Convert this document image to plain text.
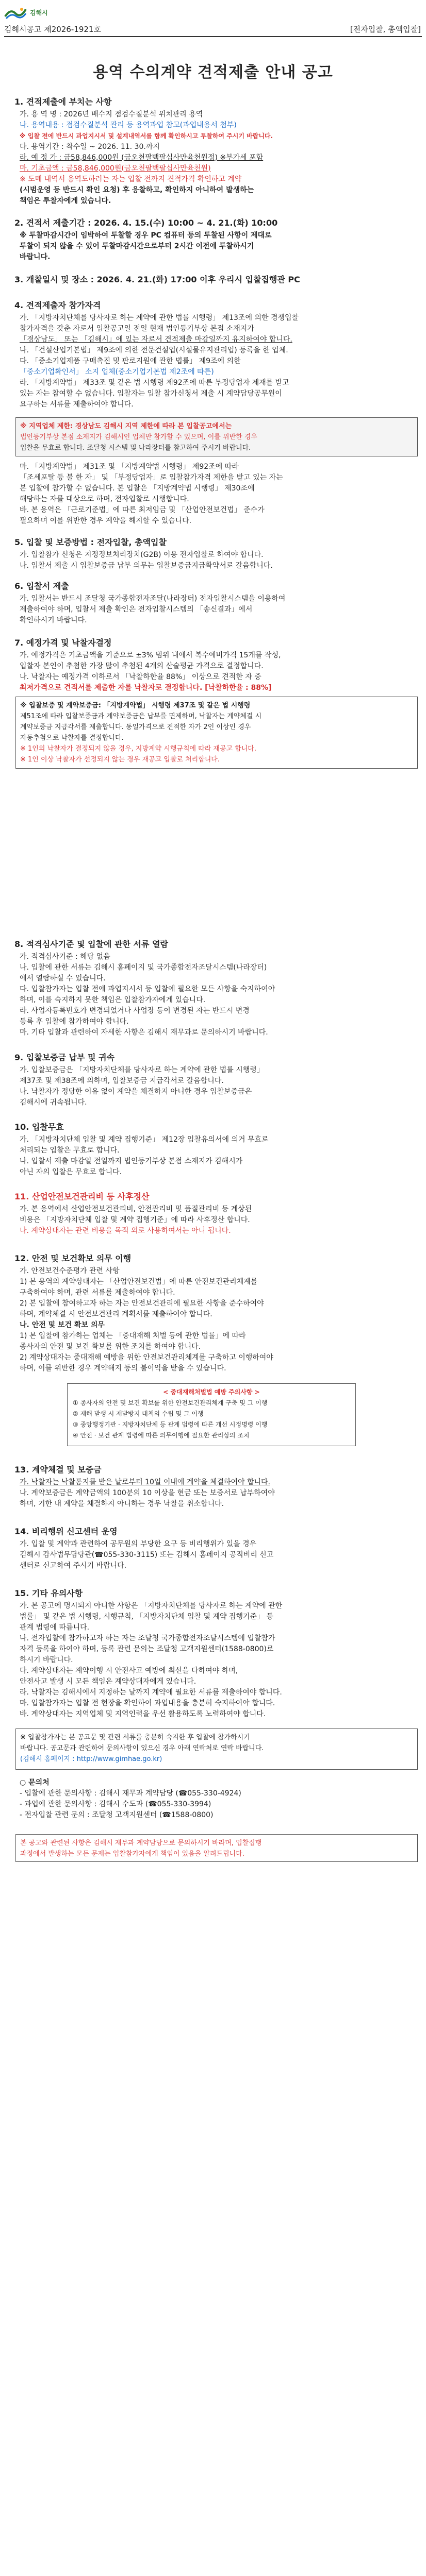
김해시
김해시공고 제2026-1921호	[전자입찰, 총액입찰]
용역 수의계약 견적제출 안내 공고
1. 견적제출에 부치는 사항
가. 용 역 명 : 2026년 배수지 점검수질분석 위치관리 용역
나. 용역내용 : 점검수질분석 관리 등 용역과업 참고(과업내용서 첨부)
※ 입찰 전에 반드시 과업지시서 및 설계내역서를 함께 확인하시고 투찰하여 주시기 바랍니다.
다. 용역기간 : 착수일 ~ 2026. 11. 30.까지
라. 예 정 가 : 금58,846,000원 (금오천팔백팔십사만육천원정) ※부가세 포함
마. 기초금액 : 금58,846,000원(금오천팔백팔십사만육천원)
※ 도매 내역서 용역도하려는 자는 입찰 전까지 견적가격 확인하고 계약
(시범운영 등 반드시 확인 요청) 후 응찰하고, 확인하지 아니하여 발생하는
책임은 투찰자에게 있습니다.
2. 견적서 제출기간 : 2026. 4. 15.(수) 10:00 ~ 4. 21.(화) 10:00
※ 투찰마감시간이 임박하여 투찰할 경우 PC 컴퓨터 등의 투찰된 사항이 제대로
투찰이 되지 않을 수 있어 투찰마감시간으로부터 2시간 이전에 투찰하시기
바랍니다.
3. 개찰일시 및 장소 : 2026. 4. 21.(화) 17:00 이후 우리시 입찰집행관 PC
4. 견적제출자 참가자격
가. 「지방자치단체를 당사자로 하는 계약에 관한 법률 시행령」 제13조에 의한 경쟁입찰
참가자격을 갖춘 자로서 입찰공고일 전일 현재 법인등기부상 본점 소재지가
「경상남도」 또는 「김해시」에 있는 자로서 견적제출 마감일까지 유지하여야 합니다.
나. 「건설산업기본법」 제9조에 의한 전문건설업(시설물유지관리업) 등록을 한 업체.
다. 「중소기업제품 구매촉진 및 판로지원에 관한 법률」 제9조에 의한
「중소기업확인서」 소지 업체(중소기업기본법 제2조에 따른)
라. 「지방계약법」 제33조 및 같은 법 시행령 제92조에 따른 부정당업자 제재를 받고
있는 자는 참여할 수 없습니다. 입찰자는 입찰 참가신청서 제출 시 계약담당공무원이
요구하는 서류를 제출하여야 합니다.
※ 지역업체 제한: 경상남도 김해시 지역 제한에 따라 본 입찰공고에서는
법인등기부상 본점 소재지가 김해시인 업체만 참가할 수 있으며, 이를 위반한 경우
입찰을 무효로 합니다. 조달청 시스템 및 나라장터를 참고하여 주시기 바랍니다.
마. 「지방계약법」 제31조 및 「지방계약법 시행령」 제92조에 따라
「조세포탈 등 불 한 자」 및 「부정당업자」로 입찰참가자격 제한을 받고 있는 자는
본 입찰에 참가할 수 없습니다. 본 입찰은 「지방계약법 시행령」 제30조에
해당하는 자를 대상으로 하며, 전자입찰로 시행합니다.
바. 본 용역은 「근로기준법」에 따른 최저임금 및 「산업안전보건법」 준수가
필요하며 이를 위반한 경우 계약을 해지할 수 있습니다.
5. 입찰 및 보증방법 : 전자입찰, 총액입찰
가. 입찰참가 신청은 지정정보처리장치(G2B) 이용 전자입찰로 하여야 합니다.
나. 입찰서 제출 시 입찰보증금 납부 의무는 입찰보증금지급확약서로 갈음합니다.
6. 입찰서 제출
가. 입찰서는 반드시 조달청 국가종합전자조달(나라장터) 전자입찰시스템을 이용하여
제출하여야 하며, 입찰서 제출 확인은 전자입찰시스템의 「송신결과」에서
확인하시기 바랍니다.
7. 예정가격 및 낙찰자결정
가. 예정가격은 기초금액을 기준으로 ±3% 범위 내에서 복수예비가격 15개를 작성,
입찰자 본인이 추첨한 가장 많이 추첨된 4개의 산술평균 가격으로 결정합니다.
나. 낙찰자는 예정가격 이하로서 「낙찰하한율 88%」 이상으로 견적한 자 중
최저가격으로 견적서를 제출한 자를 낙찰자로 결정합니다. [낙찰하한율 : 88%]
※ 입찰보증 및 계약보증금: 「지방계약법」 시행령 제37조 및 같은 법 시행령
제51조에 따라 입찰보증금과 계약보증금은 납부를 면제하며, 낙찰자는 계약체결 시
계약보증금 지급각서를 제출합니다. 동일가격으로 견적한 자가 2인 이상인 경우
자동추첨으로 낙찰자를 결정합니다.
※ 1인의 낙찰자가 결정되지 않을 경우, 지방계약 시행규칙에 따라 재공고 합니다.
※ 1인 이상 낙찰자가 선정되지 않는 경우 재공고 입찰로 처리합니다.
8. 적격심사기준 및 입찰에 관한 서류 열람
가. 적격심사기준 : 해당 없음
나. 입찰에 관한 서류는 김해시 홈페이지 및 국가종합전자조달시스템(나라장터)
에서 열람하실 수 있습니다.
다. 입찰참가자는 입찰 전에 과업지시서 등 입찰에 필요한 모든 사항을 숙지하여야
하며, 이를 숙지하지 못한 책임은 입찰참가자에게 있습니다.
라. 사업자등록번호가 변경되었거나 사업장 등이 변경된 자는 반드시 변경
등록 후 입찰에 참가하여야 합니다.
마. 기타 입찰과 관련하여 자세한 사항은 김해시 재무과로 문의하시기 바랍니다.
9. 입찰보증금 납부 및 귀속
가. 입찰보증금은 「지방자치단체를 당사자로 하는 계약에 관한 법률 시행령」
제37조 및 제38조에 의하며, 입찰보증금 지급각서로 갈음합니다.
나. 낙찰자가 정당한 이유 없이 계약을 체결하지 아니한 경우 입찰보증금은
김해시에 귀속됩니다.
10. 입찰무효
가. 「지방자치단체 입찰 및 계약 집행기준」 제12장 입찰유의서에 의거 무효로
처리되는 입찰은 무효로 합니다.
나. 입찰서 제출 마감일 전일까지 법인등기부상 본점 소재지가 김해시가
아닌 자의 입찰은 무효로 합니다.
11. 산업안전보건관리비 등 사후정산
가. 본 용역에서 산업안전보건관리비, 안전관리비 및 품질관리비 등 계상된
비용은 「지방자치단체 입찰 및 계약 집행기준」에 따라 사후정산 합니다.
나. 계약상대자는 관련 비용을 목적 외로 사용하여서는 아니 됩니다.
12. 안전 및 보건확보 의무 이행
가. 안전보건수준평가 관련 사항
1) 본 용역의 계약상대자는 「산업안전보건법」에 따른 안전보건관리체계를
구축하여야 하며, 관련 서류를 제출하여야 합니다.
2) 본 입찰에 참여하고자 하는 자는 안전보건관리에 필요한 사항을 준수하여야
하며, 계약체결 시 안전보건관리 계획서를 제출하여야 합니다.
나. 안전 및 보건 확보 의무
1) 본 입찰에 참가하는 업체는 「중대재해 처벌 등에 관한 법률」에 따라
종사자의 안전 및 보건 확보를 위한 조치를 하여야 합니다.
2) 계약상대자는 중대재해 예방을 위한 안전보건관리체계를 구축하고 이행하여야
하며, 이를 위반한 경우 계약해지 등의 불이익을 받을 수 있습니다.
< 중대재해처벌법 예방 주의사항 >
① 종사자의 안전 및 보건 확보를 위한 안전보건관리체계 구축 및 그 이행
② 재해 발생 시 재발방지 대책의 수립 및 그 이행
③ 중앙행정기관 · 지방자치단체 등 관계 법령에 따른 개선 시정명령 이행
④ 안전 · 보건 관계 법령에 따른 의무이행에 필요한 관리상의 조치
13. 계약체결 및 보증금
가. 낙찰자는 낙찰통지를 받은 날로부터 10일 이내에 계약을 체결하여야 합니다.
나. 계약보증금은 계약금액의 100분의 10 이상을 현금 또는 보증서로 납부하여야
하며, 기한 내 계약을 체결하지 아니하는 경우 낙찰을 취소합니다.
14. 비리행위 신고센터 운영
가. 입찰 및 계약과 관련하여 공무원의 부당한 요구 등 비리행위가 있을 경우
김해시 감사법무담당관(☎055-330-3115) 또는 김해시 홈페이지 공직비리 신고
센터로 신고하여 주시기 바랍니다.
15. 기타 유의사항
가. 본 공고에 명시되지 아니한 사항은 「지방자치단체를 당사자로 하는 계약에 관한
법률」 및 같은 법 시행령, 시행규칙, 「지방자치단체 입찰 및 계약 집행기준」 등
관계 법령에 따릅니다.
나. 전자입찰에 참가하고자 하는 자는 조달청 국가종합전자조달시스템에 입찰참가
자격 등록을 하여야 하며, 등록 관련 문의는 조달청 고객지원센터(1588-0800)로
하시기 바랍니다.
다. 계약상대자는 계약이행 시 안전사고 예방에 최선을 다하여야 하며,
안전사고 발생 시 모든 책임은 계약상대자에게 있습니다.
라. 낙찰자는 김해시에서 지정하는 날까지 계약에 필요한 서류를 제출하여야 합니다.
마. 입찰참가자는 입찰 전 현장을 확인하여 과업내용을 충분히 숙지하여야 합니다.
바. 계약상대자는 지역업체 및 지역인력을 우선 활용하도록 노력하여야 합니다.
※ 입찰참가자는 본 공고문 및 관련 서류를 충분히 숙지한 후 입찰에 참가하시기
바랍니다. 공고문과 관련하여 문의사항이 있으신 경우 아래 연락처로 연락 바랍니다.
(김해시 홈페이지 : http://www.gimhae.go.kr)
○ 문의처
- 입찰에 관한 문의사항 : 김해시 재무과 계약담당 (☎055-330-4924)
- 과업에 관한 문의사항 : 김해시 수도과 (☎055-330-3994)
- 전자입찰 관련 문의 : 조달청 고객지원센터 (☎1588-0800)
본 공고와 관련된 사항은 김해시 재무과 계약담당으로 문의하시기 바라며, 입찰집행
과정에서 발생하는 모든 문제는 입찰참가자에게 책임이 있음을 알려드립니다.
